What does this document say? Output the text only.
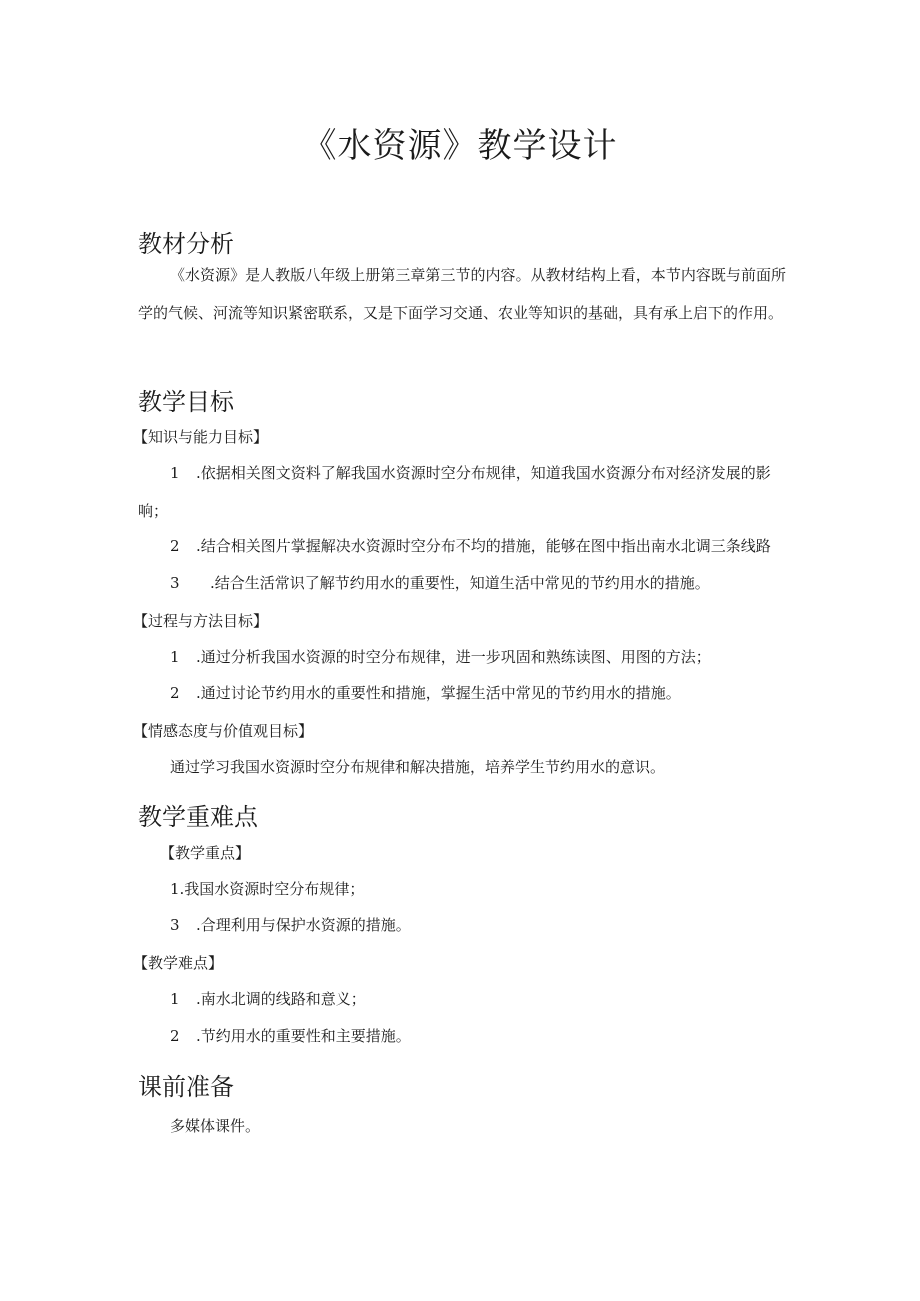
《水资源》教学设计
教材分析
《水资源》是人教版八年级上册第三章第三节的内容。从教材结构上看，本节内容既与前面所学的气候、河流等知识紧密联系，又是下面学习交通、农业等知识的基础，具有承上启下的作用。
教学目标
【知识与能力目标】
1 .依据相关图文资料了解我国水资源时空分布规律，知道我国水资源分布对经济发展的影
响；
2 .结合相关图片掌握解决水资源时空分布不均的措施，能够在图中指出南水北调三条线路
3 .结合生活常识了解节约用水的重要性，知道生活中常见的节约用水的措施。
【过程与方法目标】
1 .通过分析我国水资源的时空分布规律，进一步巩固和熟练读图、用图的方法；
2 .通过讨论节约用水的重要性和措施，掌握生活中常见的节约用水的措施。
【情感态度与价值观目标】
通过学习我国水资源时空分布规律和解决措施，培养学生节约用水的意识。
教学重难点
【教学重点】
1.我国水资源时空分布规律；
3 .合理利用与保护水资源的措施。
【教学难点】
1 .南水北调的线路和意义；
2 .节约用水的重要性和主要措施。
课前准备
多媒体课件。
